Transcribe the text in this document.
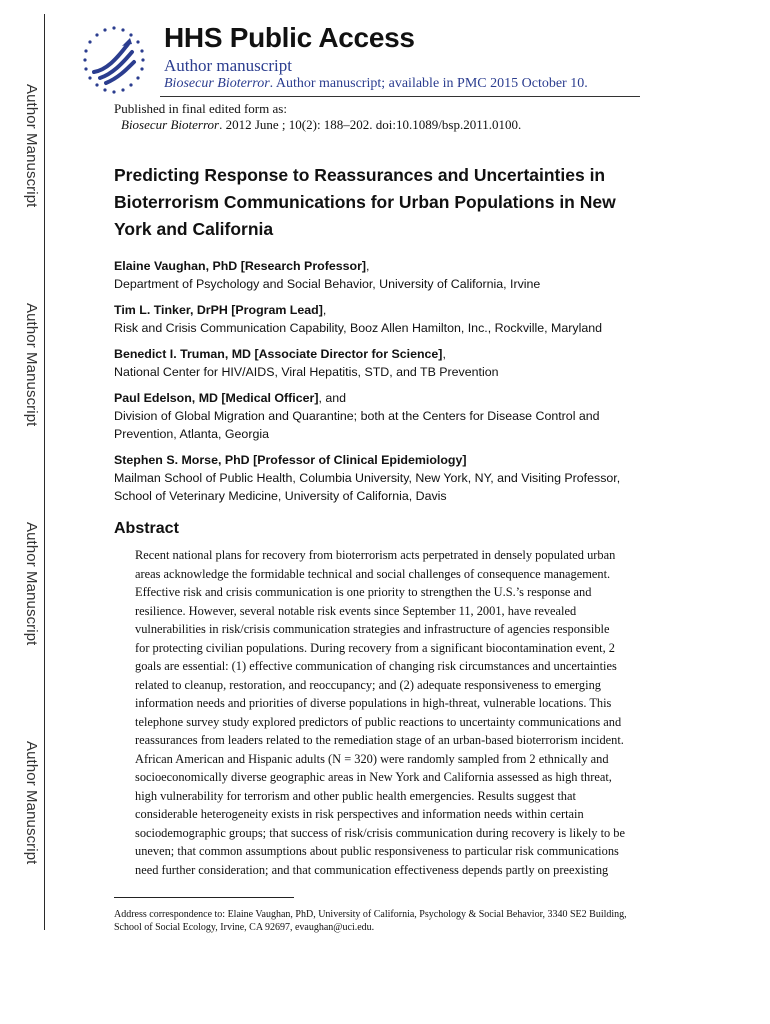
Author Manuscript
Author Manuscript
Author Manuscript
Author Manuscript
HHS Public Access
Author manuscript
Biosecur Bioterror. Author manuscript; available in PMC 2015 October 10.
Published in final edited form as:
Biosecur Bioterror. 2012 June ; 10(2): 188–202. doi:10.1089/bsp.2011.0100.
Predicting Response to Reassurances and Uncertainties in
Bioterrorism Communications for Urban Populations in New
York and California
Elaine Vaughan, PhD [Research Professor],
Department of Psychology and Social Behavior, University of California, Irvine
Tim L. Tinker, DrPH [Program Lead],
Risk and Crisis Communication Capability, Booz Allen Hamilton, Inc., Rockville, Maryland
Benedict I. Truman, MD [Associate Director for Science],
National Center for HIV/AIDS, Viral Hepatitis, STD, and TB Prevention
Paul Edelson, MD [Medical Officer], and
Division of Global Migration and Quarantine; both at the Centers for Disease Control and
Prevention, Atlanta, Georgia
Stephen S. Morse, PhD [Professor of Clinical Epidemiology]
Mailman School of Public Health, Columbia University, New York, NY, and Visiting Professor,
School of Veterinary Medicine, University of California, Davis
Abstract

Recent national plans for recovery from bioterrorism acts perpetrated in densely populated urban
areas acknowledge the formidable technical and social challenges of consequence management.
Effective risk and crisis communication is one priority to strengthen the U.S.’s response and
resilience. However, several notable risk events since September 11, 2001, have revealed
vulnerabilities in risk/crisis communication strategies and infrastructure of agencies responsible
for protecting civilian populations. During recovery from a significant biocontamination event, 2
goals are essential: (1) effective communication of changing risk circumstances and uncertainties
related to cleanup, restoration, and reoccupancy; and (2) adequate responsiveness to emerging
information needs and priorities of diverse populations in high-threat, vulnerable locations. This
telephone survey study explored predictors of public reactions to uncertainty communications and
reassurances from leaders related to the remediation stage of an urban-based bioterrorism incident.
African American and Hispanic adults (N = 320) were randomly sampled from 2 ethnically and
socioeconomically diverse geographic areas in New York and California assessed as high threat,
high vulnerability for terrorism and other public health emergencies. Results suggest that
considerable heterogeneity exists in risk perspectives and information needs within certain
sociodemographic groups; that success of risk/crisis communication during recovery is likely to be
uneven; that common assumptions about public responsiveness to particular risk communications
need further consideration; and that communication effectiveness depends partly on preexisting

Address correspondence to: Elaine Vaughan, PhD, University of California, Psychology & Social Behavior, 3340 SE2 Building,
School of Social Ecology, Irvine, CA 92697, evaughan@uci.edu.
